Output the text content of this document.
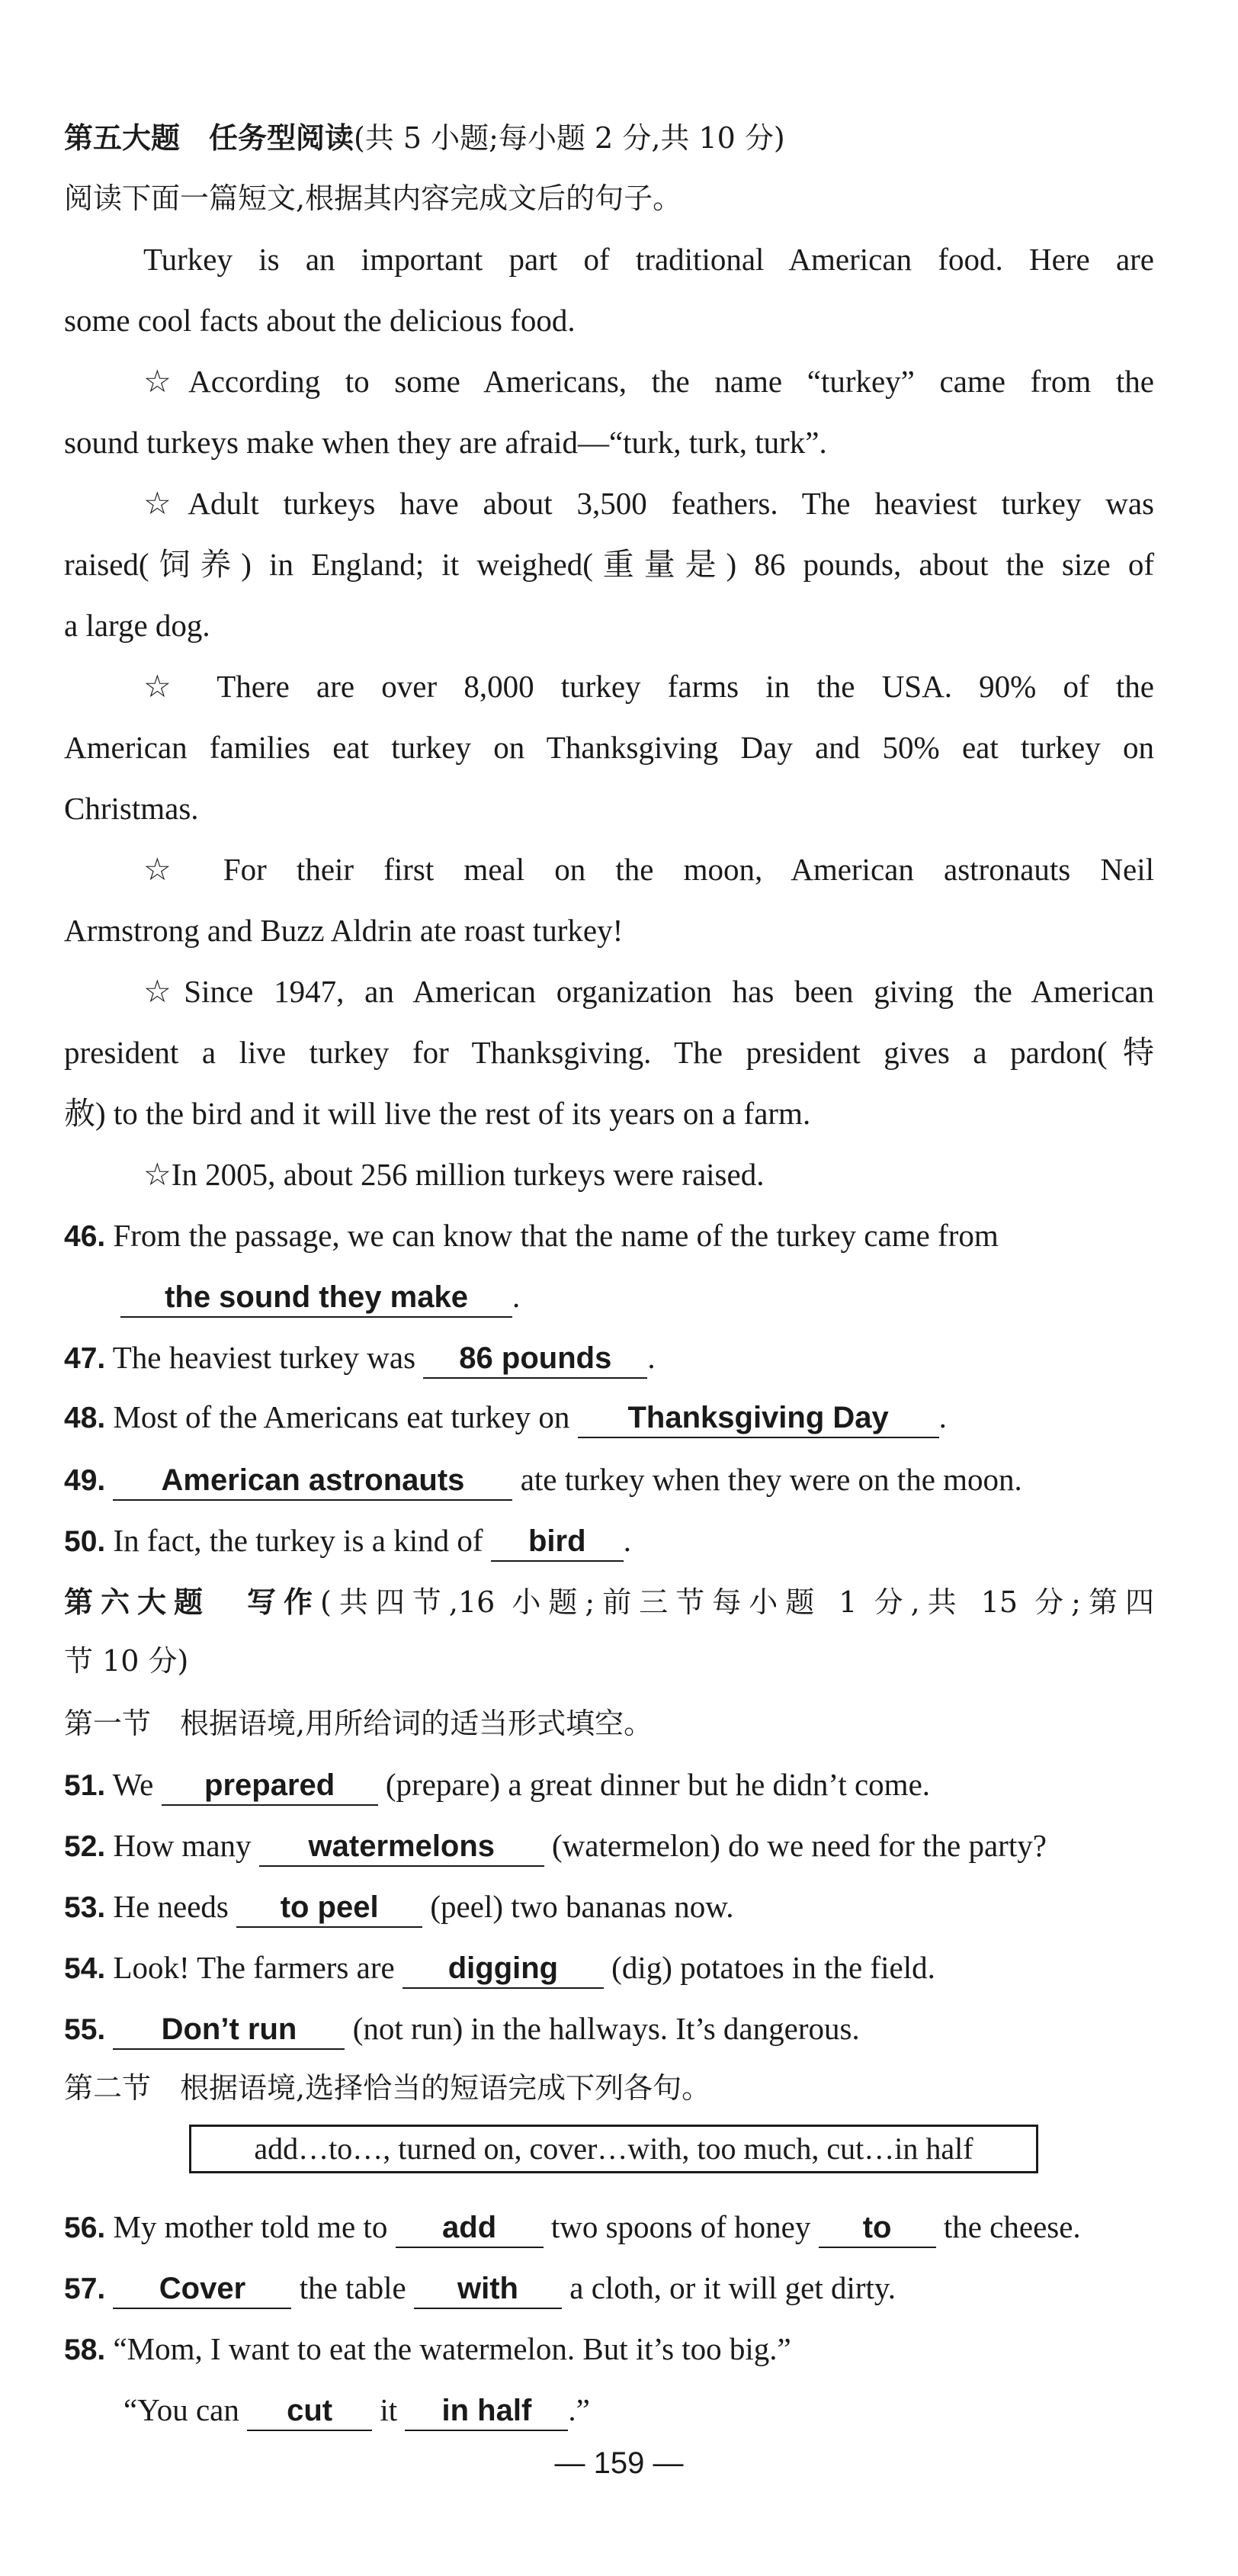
第五大题　任务型阅读(共 5 小题;每小题 2 分,共 10 分)
阅读下面一篇短文,根据其内容完成文后的句子。
Turkey is an important part of traditional American food. Here are
some cool facts about the delicious food.
☆According to some Americans, the name “turkey” came from the
sound turkeys make when they are afraid—“turk, turk, turk”.
☆Adult turkeys have about 3,500 feathers. The heaviest turkey was
raised(饲养) in England; it weighed(重量是) 86 pounds, about the size of
a large dog.
☆ There are over 8,000 turkey farms in the USA. 90% of the
American families eat turkey on Thanksgiving Day and 50% eat turkey on
Christmas.
☆ For their first meal on the moon, American astronauts Neil
Armstrong and Buzz Aldrin ate roast turkey!
☆Since 1947, an American organization has been giving the American
president a live turkey for Thanksgiving. The president gives a pardon(特
赦) to the bird and it will live the rest of its years on a farm.
☆In 2005, about 256 million turkeys were raised.
46. From the passage, we can know that the name of the turkey came from
the sound they make .
47. The heaviest turkey was 86 pounds .
48. Most of the Americans eat turkey on Thanksgiving Day .
49. American astronauts ate turkey when they were on the moon.
50. In fact, the turkey is a kind of bird .
第六大题　写作(共四节,16 小题;前三节每小题 1 分,共 15 分;第四
节 10 分)
第一节　根据语境,用所给词的适当形式填空。
51. We prepared (prepare) a great dinner but he didn’t come.
52. How many watermelons (watermelon) do we need for the party?
53. He needs to peel (peel) two bananas now.
54. Look! The farmers are digging (dig) potatoes in the field.
55. Don’t run (not run) in the hallways. It’s dangerous.
第二节　根据语境,选择恰当的短语完成下列各句。
add…to…, turned on, cover…with, too much, cut…in half
56. My mother told me to add two spoons of honey to the cheese.
57. Cover the table with a cloth, or it will get dirty.
58. “Mom, I want to eat the watermelon. But it’s too big.”
“You can cut it in half .”
— 159 —
